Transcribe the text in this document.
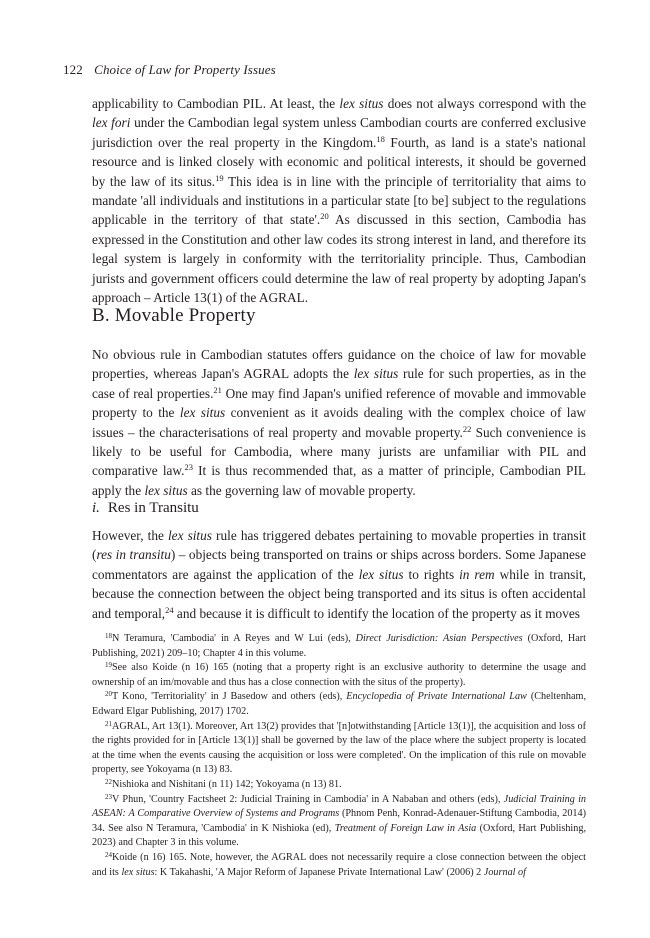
122 Choice of Law for Property Issues

applicability to Cambodian PIL. At least, the lex situs does not always correspond with the lex fori under the Cambodian legal system unless Cambodian courts are conferred exclusive jurisdiction over the real property in the Kingdom.$^{18}$ Fourth, as land is a state's national resource and is linked closely with economic and political interests, it should be governed by the law of its situs.$^{19}$ This idea is in line with the principle of territoriality that aims to mandate 'all individuals and institutions in a particular state [to be] subject to the regulations applicable in the territory of that state'.$^{20}$ As discussed in this section, Cambodia has expressed in the Constitution and other law codes its strong interest in land, and therefore its legal system is largely in conformity with the territoriality principle. Thus, Cambodian jurists and government officers could determine the law of real property by adopting Japan's approach – Article 13(1) of the AGRAL.

B. Movable Property

No obvious rule in Cambodian statutes offers guidance on the choice of law for movable properties, whereas Japan's AGRAL adopts the lex situs rule for such properties, as in the case of real properties.$^{21}$ One may find Japan's unified reference of movable and immovable property to the lex situs convenient as it avoids dealing with the complex choice of law issues – the characterisations of real property and movable property.$^{22}$ Such convenience is likely to be useful for Cambodia, where many jurists are unfamiliar with PIL and comparative law.$^{23}$ It is thus recommended that, as a matter of principle, Cambodian PIL apply the lex situs as the governing law of movable property.

i. Res in Transitu

However, the lex situs rule has triggered debates pertaining to movable properties in transit (res in transitu) – objects being transported on trains or ships across borders. Some Japanese commentators are against the application of the lex situs to rights in rem while in transit, because the connection between the object being transported and its situs is often accidental and temporal,$^{24}$ and because it is difficult to identify the location of the property as it moves

$^{18}$N Teramura, 'Cambodia' in A Reyes and W Lui (eds), Direct Jurisdiction: Asian Perspectives (Oxford, Hart Publishing, 2021) 209–10; Chapter 4 in this volume.

$^{19}$See also Koide (n 16) 165 (noting that a property right is an exclusive authority to determine the usage and ownership of an im/movable and thus has a close connection with the situs of the property).

$^{20}$T Kono, 'Territoriality' in J Basedow and others (eds), Encyclopedia of Private International Law (Cheltenham, Edward Elgar Publishing, 2017) 1702.

$^{21}$AGRAL, Art 13(1). Moreover, Art 13(2) provides that '[n]otwithstanding [Article 13(1)], the acquisition and loss of the rights provided for in [Article 13(1)] shall be governed by the law of the place where the subject property is located at the time when the events causing the acquisition or loss were completed'. On the implication of this rule on movable property, see Yokoyama (n 13) 83.

$^{22}$Nishioka and Nishitani (n 11) 142; Yokoyama (n 13) 81.

$^{23}$V Phun, 'Country Factsheet 2: Judicial Training in Cambodia' in A Nababan and others (eds), Judicial Training in ASEAN: A Comparative Overview of Systems and Programs (Phnom Penh, Konrad-Adenauer-Stiftung Cambodia, 2014) 34. See also N Teramura, 'Cambodia' in K Nishioka (ed), Treatment of Foreign Law in Asia (Oxford, Hart Publishing, 2023) and Chapter 3 in this volume.

$^{24}$Koide (n 16) 165. Note, however, the AGRAL does not necessarily require a close connection between the object and its lex situs: K Takahashi, 'A Major Reform of Japanese Private International Law' (2006) 2 Journal of
